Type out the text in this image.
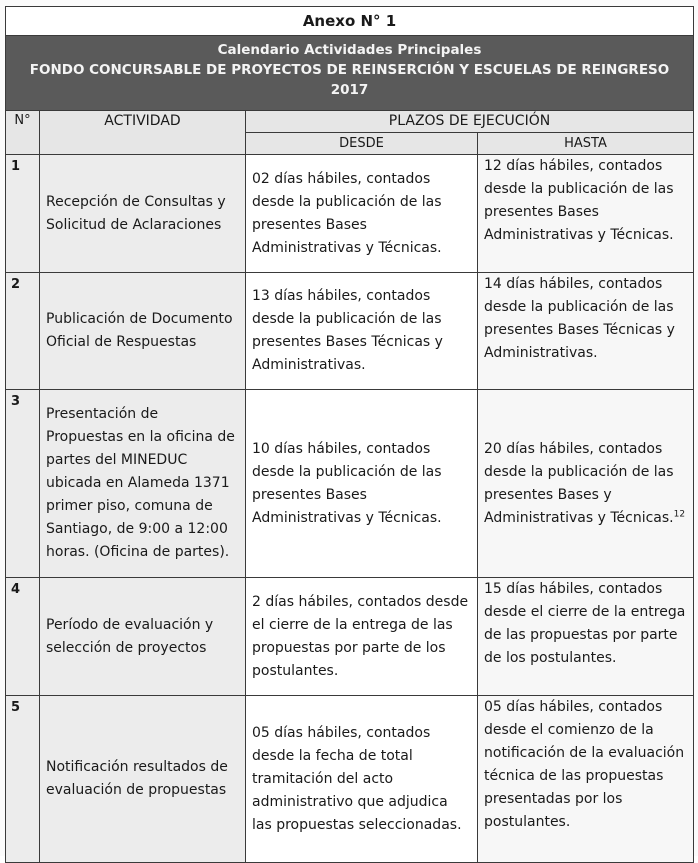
Anexo N° 1			

Calendario Actividades Principales
FONDO CONCURSABLE DE PROYECTOS DE REINSERCIÓN Y ESCUELAS DE REINGRESO
2017			

N°	ACTIVIDAD	PLAZOS DE EJECUCIÓN	
		DESDE	HASTA
1	Recepción de Consultas y Solicitud de Aclaraciones	02 días hábiles, contados desde la publicación de las presentes Bases Administrativas y Técnicas.	12 días hábiles, contados desde la publicación de las presentes Bases Administrativas y Técnicas.
2	Publicación de Documento Oficial de Respuestas	13 días hábiles, contados desde la publicación de las presentes Bases Técnicas y Administrativas.	14 días hábiles, contados desde la publicación de las presentes Bases Técnicas y Administrativas.
3	Presentación de Propuestas en la oficina de partes del MINEDUC ubicada en Alameda 1371 primer piso, comuna de Santiago, de 9:00 a 12:00 horas. (Oficina de partes).	10 días hábiles, contados desde la publicación de las presentes Bases Administrativas y Técnicas.	20 días hábiles, contados desde la publicación de las presentes Bases y Administrativas y Técnicas.$^{12}$
4	Período de evaluación y selección de proyectos	2 días hábiles, contados desde el cierre de la entrega de las propuestas por parte de los postulantes.	15 días hábiles, contados desde el cierre de la entrega de las propuestas por parte de los postulantes.
5	Notificación resultados de evaluación de propuestas	05 días hábiles, contados desde la fecha de total tramitación del acto administrativo que adjudica las propuestas seleccionadas.	05 días hábiles, contados desde el comienzo de la notificación de la evaluación técnica de las propuestas presentadas por los postulantes.
